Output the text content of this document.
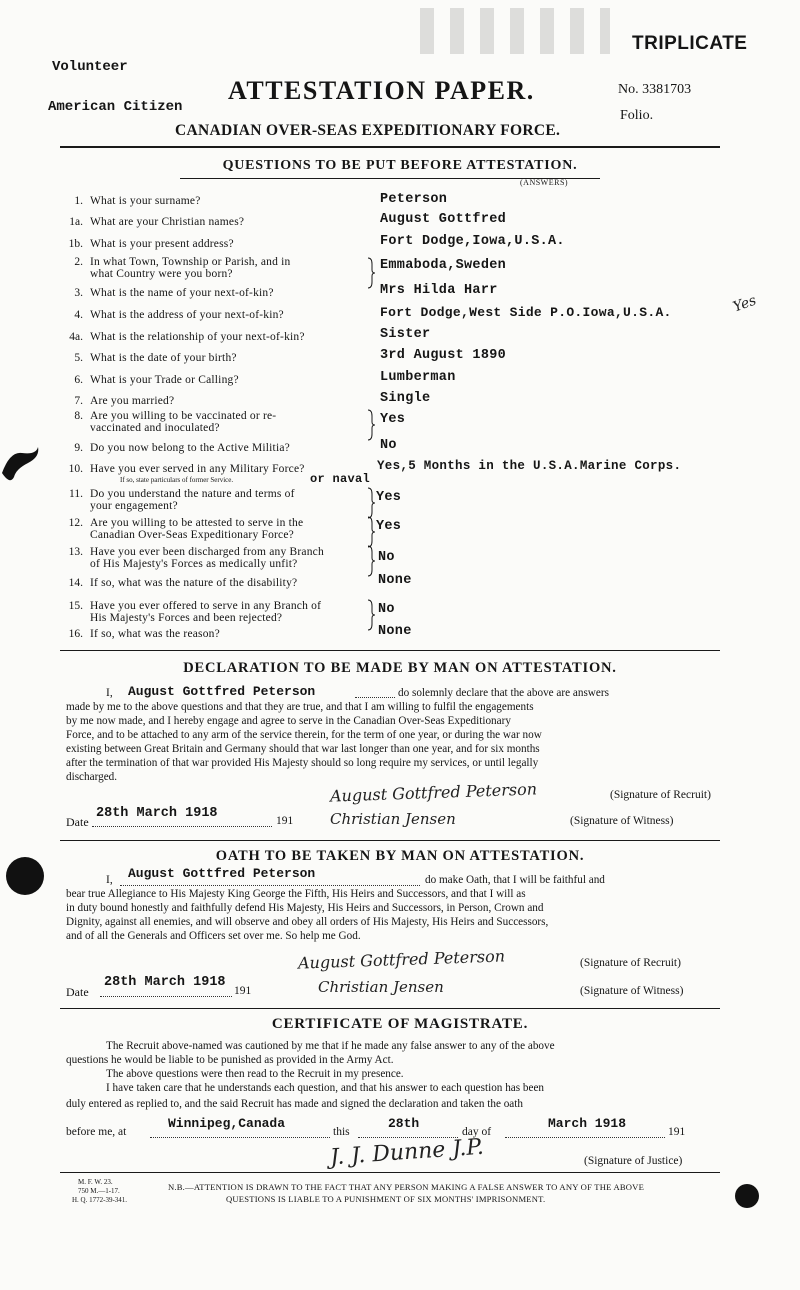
Volunteer
American Citizen
TRIPLICATE
ATTESTATION PAPER.
CANADIAN OVER-SEAS EXPEDITIONARY FORCE.
No. 3381703
Folio.
QUESTIONS TO BE PUT BEFORE ATTESTATION.
(ANSWERS)
1. What is your surname?	Peterson
1a. What are your Christian names?	August Gottfred
1b. What is your present address?	Fort Dodge,Iowa,U.S.A.
2. In what Town, Township or Parish, and in
what Country were you born?
Emmaboda,Sweden
3. What is the name of your next-of-kin?	Mrs Hilda Harr
4. What is the address of your next-of-kin?	Fort Dodge,West Side P.O.Iowa,U.S.A.
4a. What is the relationship of your next-of-kin?	Sister
5. What is the date of your birth?	3rd August 1890
6. What is your Trade or Calling?	Lumberman
7. Are you married?	Single
8. Are you willing to be vaccinated or re-
vaccinated and inoculated?
Yes
9. Do you now belong to the Active Militia?	No
10. Have you ever served in any Military Force?
If so, state particulars of former Service.
Yes,5 Months in the U.S.A.Marine Corps.
or naval
11. Do you understand the nature and terms of
your engagement?
Yes
12. Are you willing to be attested to serve in the
Canadian Over-Seas Expeditionary Force?
Yes
13. Have you ever been discharged from any Branch
of His Majesty's Forces as medically unfit?	No
14. If so, what was the nature of the disability?	None
15. Have you ever offered to serve in any Branch of
His Majesty's Forces and been rejected?
No
16. If so, what was the reason?	None
Yes
DECLARATION TO BE MADE BY MAN ON ATTESTATION.
I, August Gottfred Peterson	do solemnly declare that the above are answers
made by me to the above questions and that they are true, and that I am willing to fulfil the engagements
by me now made, and I hereby engage and agree to serve in the Canadian Over-Seas Expeditionary
Force, and to be attached to any arm of the service therein, for the term of one year, or during the war now
existing between Great Britain and Germany should that war last longer than one year, and for six months
after the termination of that war provided His Majesty should so long require my services, or until legally
discharged.
August Gottfred Peterson	(Signature of Recruit)
Date
28th March 1918	191 Christian Jensen	(Signature of Witness)
OATH TO BE TAKEN BY MAN ON ATTESTATION.
I, August Gottfred Peterson	do make Oath, that I will be faithful and
bear true Allegiance to His Majesty King George the Fifth, His Heirs and Successors, and that I will as
in duty bound honestly and faithfully defend His Majesty, His Heirs and Successors, in Person, Crown and
Dignity, against all enemies, and will observe and obey all orders of His Majesty, His Heirs and Successors,
and of all the Generals and Officers set over me. So help me God.
August Gottfred Peterson	(Signature of Recruit)
Date
28th March 1918
191	Christian Jensen	(Signature of Witness)
CERTIFICATE OF MAGISTRATE.
The Recruit above-named was cautioned by me that if he made any false answer to any of the above
questions he would be liable to be punished as provided in the Army Act.
The above questions were then read to the Recruit in my presence.
I have taken care that he understands each question, and that his answer to each question has been
duly entered as replied to, and the said Recruit has made and signed the declaration and taken the oath
before me, at
Winnipeg,Canada
this
28th
day of
March 1918
191
J. J. Dunne J.P.	(Signature of Justice)
M. F. W. 23.
750 M.—1-17.
H. Q. 1772-39-341.
N.B.—ATTENTION IS DRAWN TO THE FACT THAT ANY PERSON MAKING A FALSE ANSWER TO ANY OF THE ABOVE
QUESTIONS IS LIABLE TO A PUNISHMENT OF SIX MONTHS' IMPRISONMENT.
